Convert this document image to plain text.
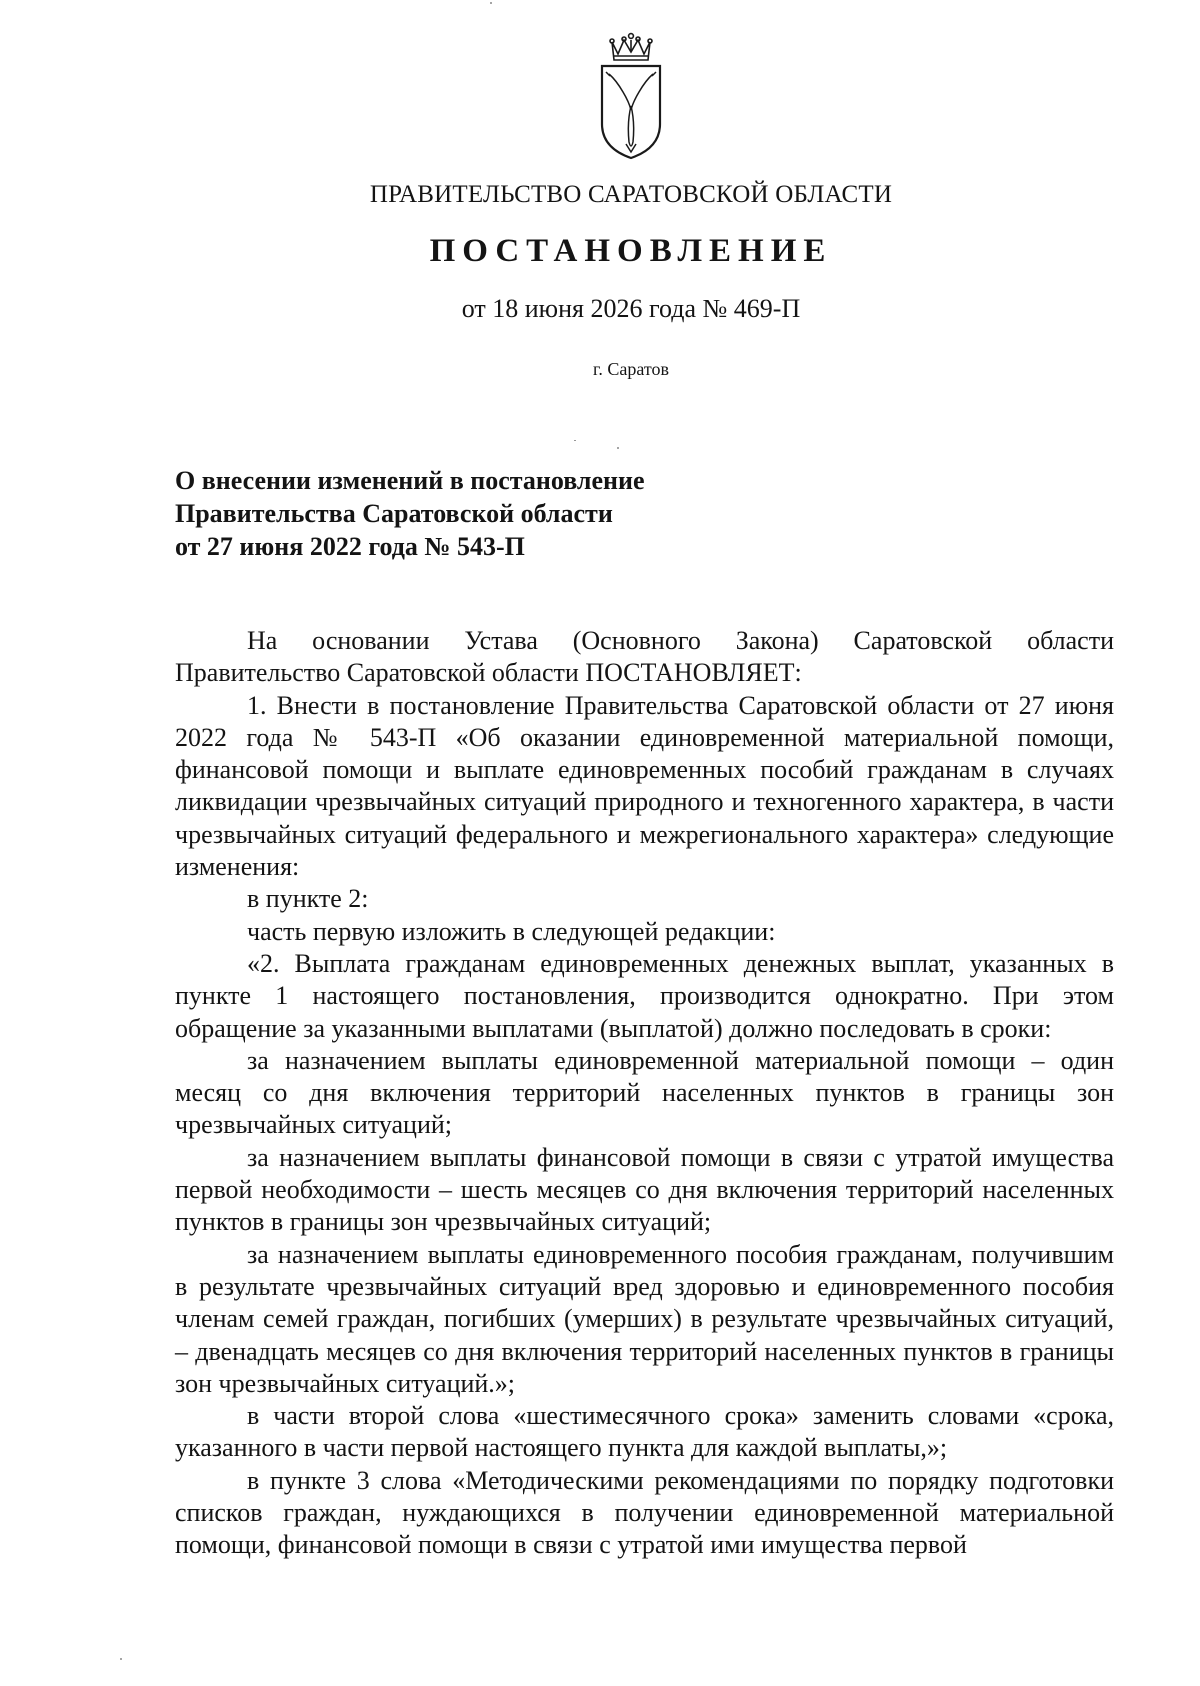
ПРАВИТЕЛЬСТВО САРАТОВСКОЙ ОБЛАСТИ
ПОСТАНОВЛЕНИЕ
от 18 июня 2026 года № 469-П
г. Саратов
О внесении изменений в постановление
Правительства Саратовской области
от 27 июня 2022 года № 543-П

На основании Устава (Основного Закона) Саратовской области Правительство Саратовской области ПОСТАНОВЛЯЕТ:

1. Внести в постановление Правительства Саратовской области от 27 июня 2022 года № 543-П «Об оказании единовременной материальной помощи, финансовой помощи и выплате единовременных пособий гражданам в случаях ликвидации чрезвычайных ситуаций природного и техногенного характера, в части чрезвычайных ситуаций федерального и межрегионального характера» следующие изменения:

в пункте 2:

часть первую изложить в следующей редакции:

«2. Выплата гражданам единовременных денежных выплат, указанных в пункте 1 настоящего постановления, производится однократно. При этом обращение за указанными выплатами (выплатой) должно последовать в сроки:

за назначением выплаты единовременной материальной помощи – один месяц со дня включения территорий населенных пунктов в границы зон чрезвычайных ситуаций;

за назначением выплаты финансовой помощи в связи с утратой имущества первой необходимости – шесть месяцев со дня включения территорий населенных пунктов в границы зон чрезвычайных ситуаций;

за назначением выплаты единовременного пособия гражданам, получившим в результате чрезвычайных ситуаций вред здоровью и единовременного пособия членам семей граждан, погибших (умерших) в результате чрезвычайных ситуаций, – двенадцать месяцев со дня включения территорий населенных пунктов в границы зон чрезвычайных ситуаций.»;

в части второй слова «шестимесячного срока» заменить словами «срока, указанного в части первой настоящего пункта для каждой выплаты,»;

в пункте 3 слова «Методическими рекомендациями по порядку подготовки списков граждан, нуждающихся в получении единовременной материальной помощи, финансовой помощи в связи с утратой ими имущества первой
